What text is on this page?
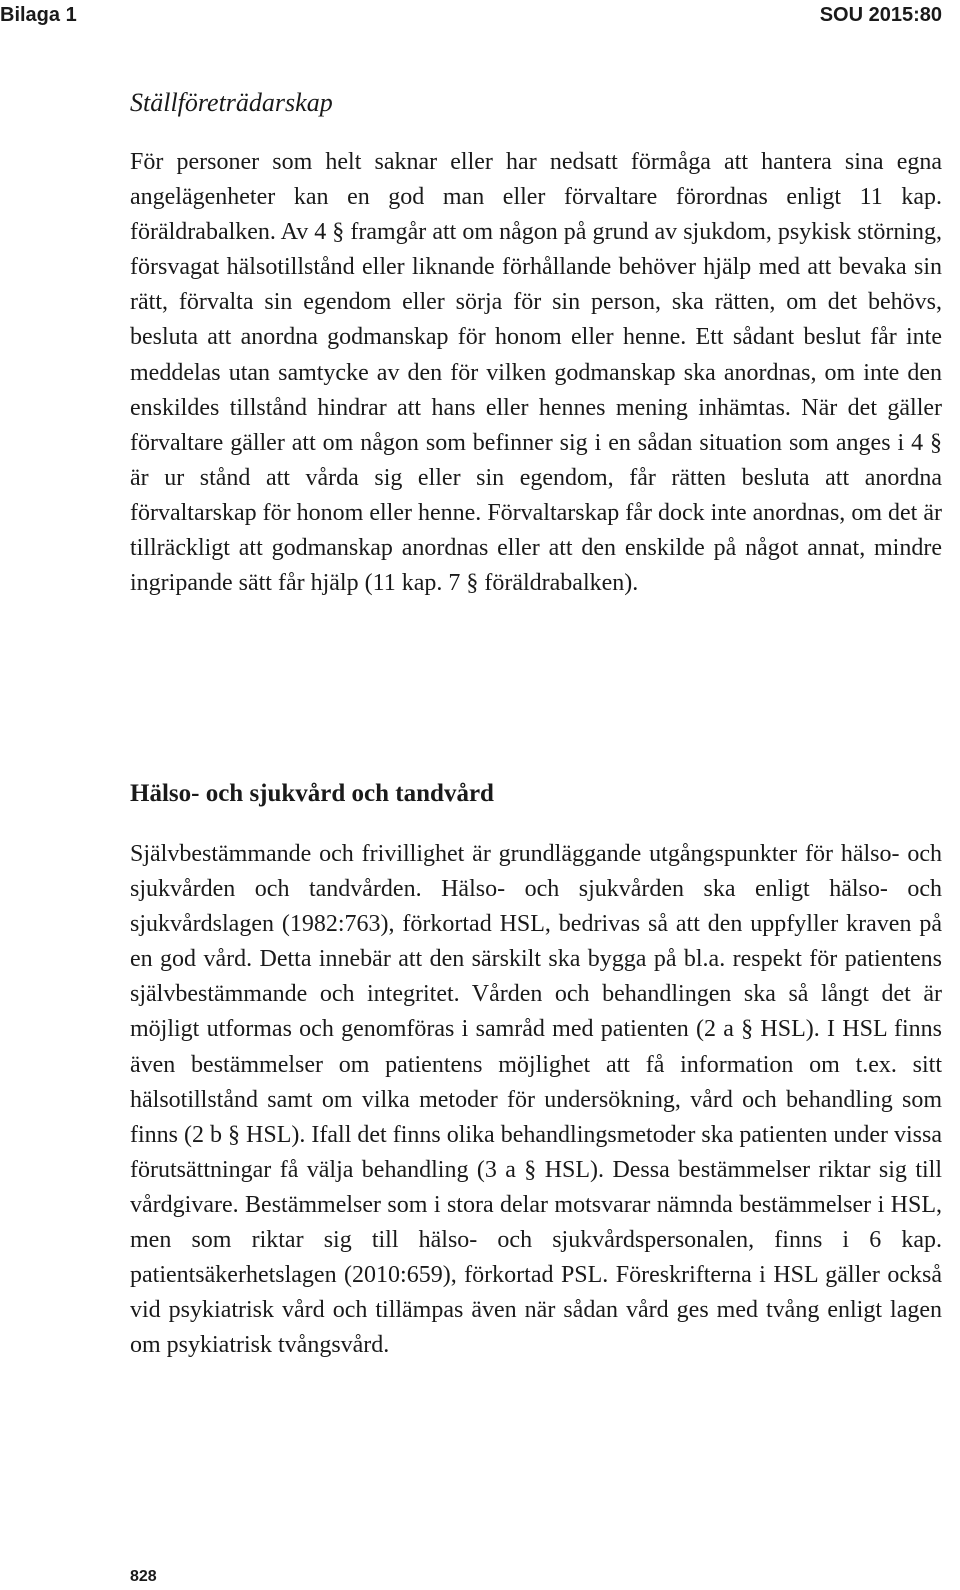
Bilaga 1	SOU 2015:80
Ställföreträdarskap

För personer som helt saknar eller har nedsatt förmåga att hantera sina egna angelägenheter kan en god man eller förvaltare förordnas enligt 11 kap. föräldrabalken. Av 4 § framgår att om någon på grund av sjukdom, psykisk störning, försvagat hälsotillstånd eller liknande förhållande behöver hjälp med att bevaka sin rätt, förvalta sin egendom eller sörja för sin person, ska rätten, om det behövs, besluta att anordna godmanskap för honom eller henne. Ett sådant beslut får inte meddelas utan samtycke av den för vilken godmanskap ska anordnas, om inte den enskildes tillstånd hindrar att hans eller hennes mening inhämtas. När det gäller förvaltare gäller att om någon som befinner sig i en sådan situation som anges i 4 § är ur stånd att vårda sig eller sin egendom, får rätten besluta att anordna förvaltarskap för honom eller henne. Förvaltarskap får dock inte anordnas, om det är tillräckligt att godmanskap anordnas eller att den enskilde på något annat, mindre ingripande sätt får hjälp (11 kap. 7 § föräldrabalken).

Hälso- och sjukvård och tandvård

Självbestämmande och frivillighet är grundläggande utgångspunkter för hälso- och sjukvården och tandvården. Hälso- och sjukvården ska enligt hälso- och sjukvårdslagen (1982:763), förkortad HSL, bedrivas så att den uppfyller kraven på en god vård. Detta innebär att den särskilt ska bygga på bl.a. respekt för patientens självbestämmande och integritet. Vården och behandlingen ska så långt det är möjligt utformas och genomföras i samråd med patienten (2 a § HSL). I HSL finns även bestämmelser om patientens möjlighet att få information om t.ex. sitt hälsotillstånd samt om vilka metoder för undersökning, vård och behandling som finns (2 b § HSL). Ifall det finns olika behandlingsmetoder ska patienten under vissa förutsättningar få välja behandling (3 a § HSL). Dessa bestämmelser riktar sig till vårdgivare. Bestämmelser som i stora delar motsvarar nämnda bestämmelser i HSL, men som riktar sig till hälso- och sjukvårdspersonalen, finns i 6 kap. patientsäkerhetslagen (2010:659), förkortad PSL. Föreskrifterna i HSL gäller också vid psykiatrisk vård och tillämpas även när sådan vård ges med tvång enligt lagen om psykiatrisk tvångsvård.

828
